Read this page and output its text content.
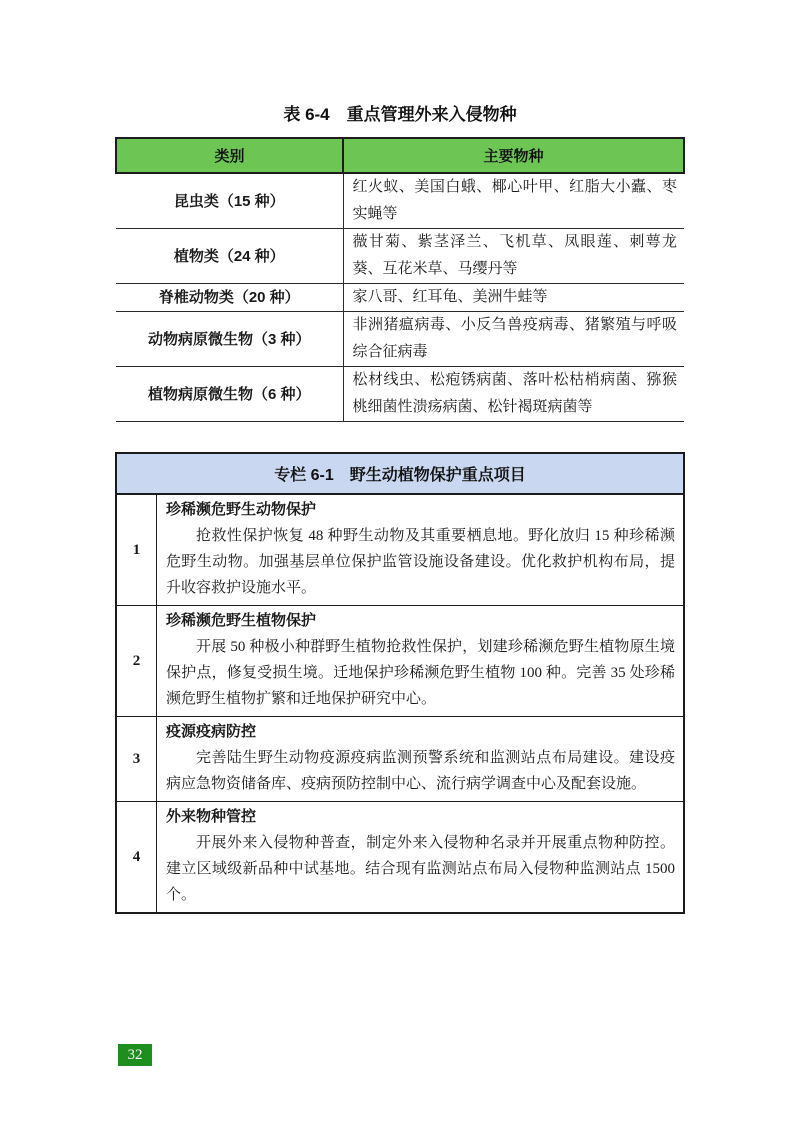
表 6-4　重点管理外来入侵物种
类别	主要物种
昆虫类（15 种）	红火蚁、美国白蛾、椰心叶甲、红脂大小蠹、枣实蝇等
植物类（24 种）	薇甘菊、紫茎泽兰、飞机草、凤眼莲、刺萼龙葵、互花米草、马缨丹等
脊椎动物类（20 种）	家八哥、红耳龟、美洲牛蛙等
动物病原微生物（3 种）	非洲猪瘟病毒、小反刍兽疫病毒、猪繁殖与呼吸综合征病毒
植物病原微生物（6 种）	松材线虫、松疱锈病菌、落叶松枯梢病菌、猕猴桃细菌性溃疡病菌、松针褐斑病菌等
专栏 6-1　野生动植物保护重点项目
1
珍稀濒危野生动物保护

抢救性保护恢复 48 种野生动物及其重要栖息地。野化放归 15 种珍稀濒危野生动物。加强基层单位保护监管设施设备建设。优化救护机构布局，提升收容救护设施水平。

2
珍稀濒危野生植物保护

开展 50 种极小种群野生植物抢救性保护，划建珍稀濒危野生植物原生境保护点，修复受损生境。迁地保护珍稀濒危野生植物 100 种。完善 35 处珍稀濒危野生植物扩繁和迁地保护研究中心。

3
疫源疫病防控

完善陆生野生动物疫源疫病监测预警系统和监测站点布局建设。建设疫病应急物资储备库、疫病预防控制中心、流行病学调查中心及配套设施。

4
外来物种管控

开展外来入侵物种普查，制定外来入侵物种名录并开展重点物种防控。建立区域级新品种中试基地。结合现有监测站点布局入侵物种监测站点 1500 个。

32
